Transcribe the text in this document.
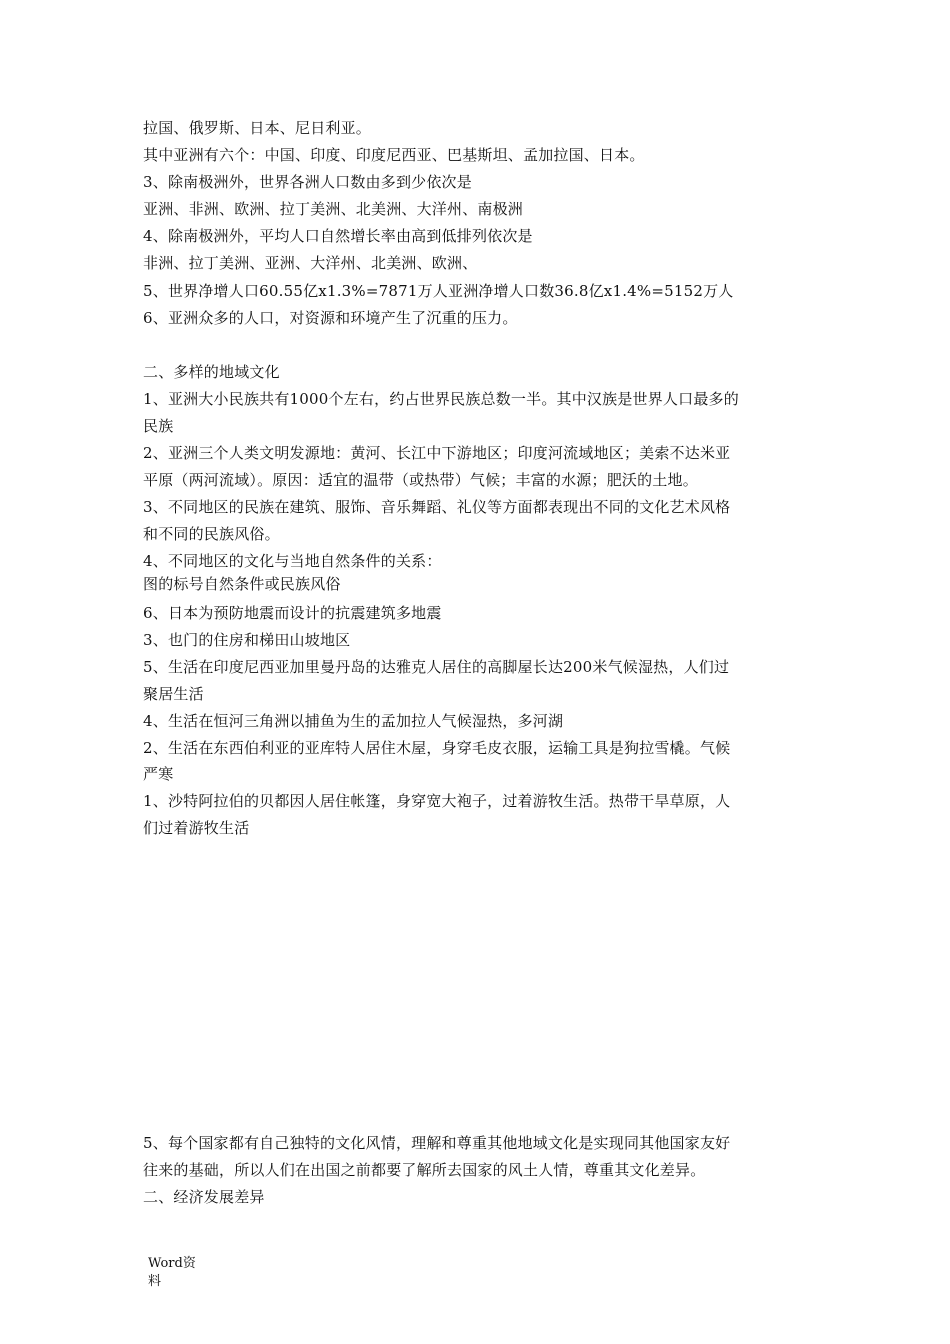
拉国、俄罗斯、日本、尼日利亚。
其中亚洲有六个：中国、印度、印度尼西亚、巴基斯坦、孟加拉国、日本。
3、除南极洲外，世界各洲人口数由多到少依次是
亚洲、非洲、欧洲、拉丁美洲、北美洲、大洋州、南极洲
4、除南极洲外，平均人口自然增长率由高到低排列依次是
非洲、拉丁美洲、亚洲、大洋州、北美洲、欧洲、
5、世界净增人口60.55亿x1.3%=7871万人亚洲净增人口数36.8亿x1.4%=5152万人
6、亚洲众多的人口，对资源和环境产生了沉重的压力。
二、多样的地域文化
1、亚洲大小民族共有1000个左右，约占世界民族总数一半。其中汉族是世界人口最多的
民族
2、亚洲三个人类文明发源地：黄河、长江中下游地区；印度河流域地区；美索不达米亚
平原（两河流域）。原因：适宜的温带（或热带）气候；丰富的水源；肥沃的土地。
3、不同地区的民族在建筑、服饰、音乐舞蹈、礼仪等方面都表现出不同的文化艺术风格
和不同的民族风俗。
4、不同地区的文化与当地自然条件的关系：
图的标号自然条件或民族风俗
6、日本为预防地震而设计的抗震建筑多地震
3、也门的住房和梯田山坡地区
5、生活在印度尼西亚加里曼丹岛的达雅克人居住的高脚屋长达200米气候湿热，人们过
聚居生活
4、生活在恒河三角洲以捕鱼为生的孟加拉人气候湿热，多河湖
2、生活在东西伯利亚的亚库特人居住木屋，身穿毛皮衣服，运输工具是狗拉雪橇。气候
严寒
1、沙特阿拉伯的贝都因人居住帐篷，身穿宽大袍子，过着游牧生活。热带干旱草原，人
们过着游牧生活
5、每个国家都有自己独特的文化风情，理解和尊重其他地域文化是实现同其他国家友好
往来的基础，所以人们在出国之前都要了解所去国家的风土人情，尊重其文化差异。
二、经济发展差异
Word资
料
